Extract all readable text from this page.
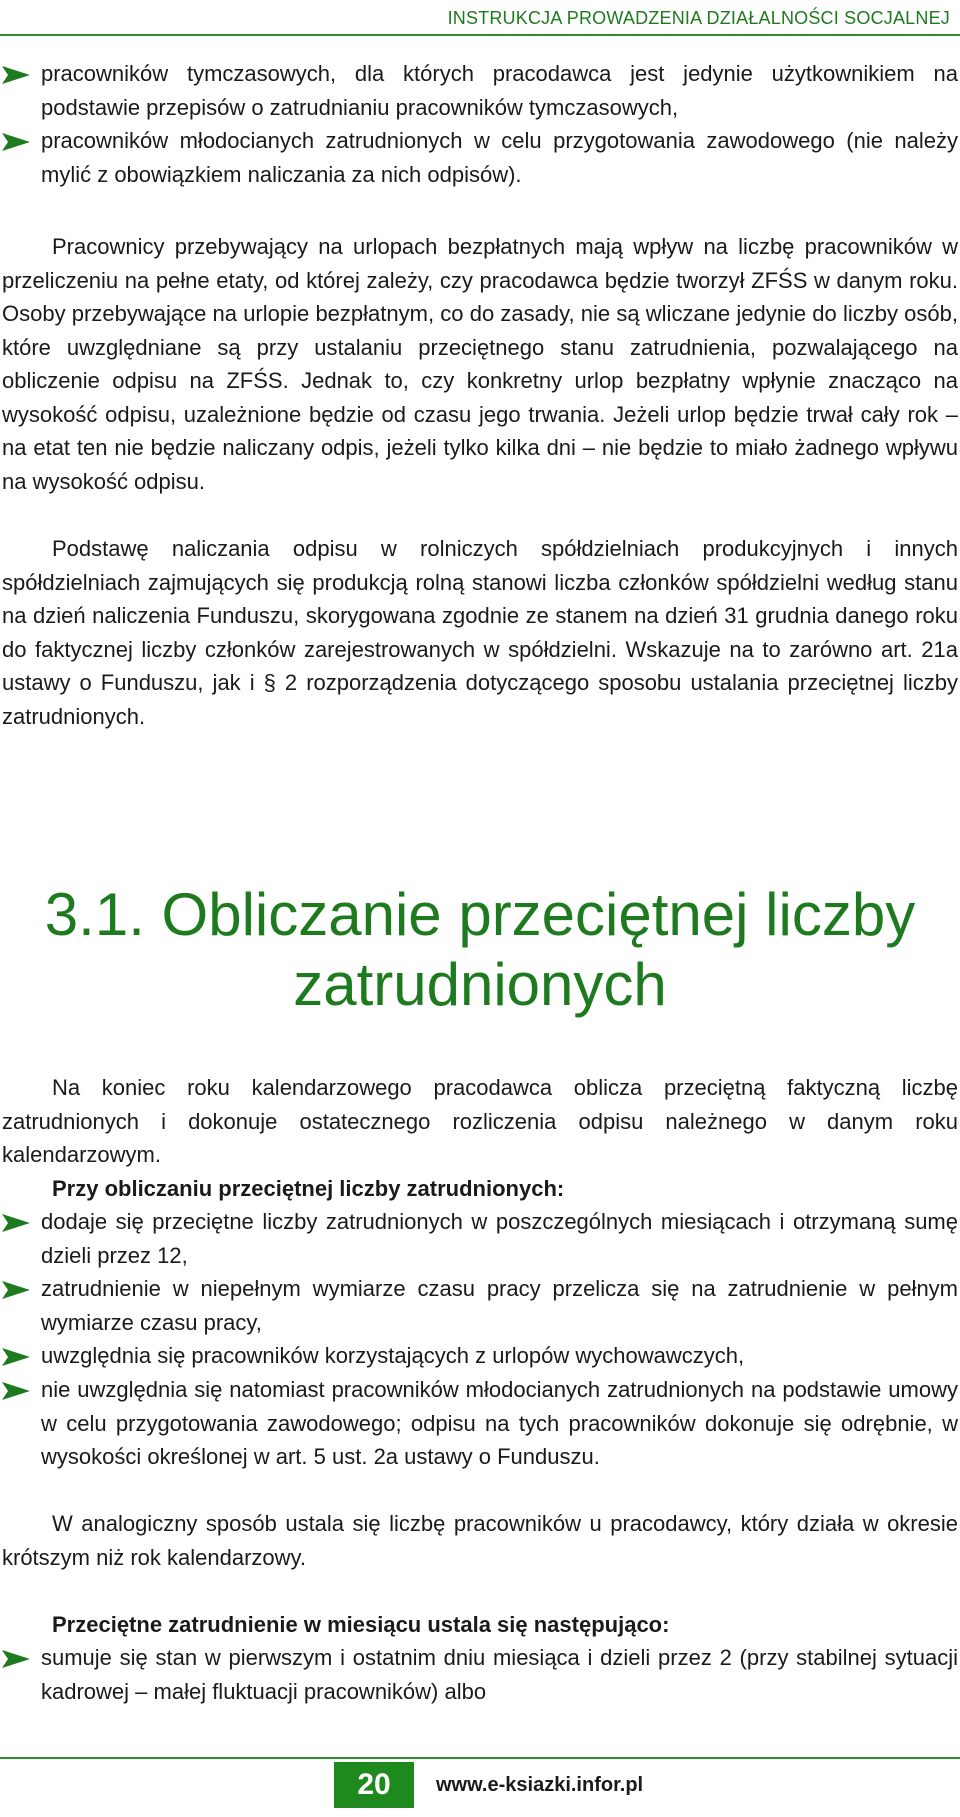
INSTRUKCJA PROWADZENIA DZIAŁALNOŚCI SOCJALNEJ
pracowników tymczasowych, dla których pracodawca jest jedynie użytkownikiem na podstawie przepisów o zatrudnianiu pracowników tymczasowych,
pracowników młodocianych zatrudnionych w celu przygotowania zawodowego (nie należy mylić z obowiązkiem naliczania za nich odpisów).
Pracownicy przebywający na urlopach bezpłatnych mają wpływ na liczbę pracowników w przeliczeniu na pełne etaty, od której zależy, czy pracodawca będzie tworzył ZFŚS w danym roku. Osoby przebywające na urlopie bezpłatnym, co do zasady, nie są wliczane jedynie do liczby osób, które uwzględniane są przy ustalaniu przeciętnego stanu zatrudnienia, pozwalającego na obliczenie odpisu na ZFŚS. Jednak to, czy konkretny urlop bezpłatny wpłynie znacząco na wysokość odpisu, uzależnione będzie od czasu jego trwania. Jeżeli urlop będzie trwał cały rok – na etat ten nie będzie naliczany odpis, jeżeli tylko kilka dni – nie będzie to miało żadnego wpływu na wysokość odpisu.
Podstawę naliczania odpisu w rolniczych spółdzielniach produkcyjnych i innych spółdzielniach zajmujących się produkcją rolną stanowi liczba członków spółdzielni według stanu na dzień naliczenia Funduszu, skorygowana zgodnie ze stanem na dzień 31 grudnia danego roku do faktycznej liczby członków zarejestrowanych w spółdzielni. Wskazuje na to zarówno art. 21a ustawy o Funduszu, jak i § 2 rozporządzenia dotyczącego sposobu ustalania przeciętnej liczby zatrudnionych.
3.1. Obliczanie przeciętnej liczby
zatrudnionych
Na koniec roku kalendarzowego pracodawca oblicza przeciętną faktyczną liczbę zatrudnionych i dokonuje ostatecznego rozliczenia odpisu należnego w danym roku kalendarzowym.
Przy obliczaniu przeciętnej liczby zatrudnionych:
dodaje się przeciętne liczby zatrudnionych w poszczególnych miesiącach i otrzymaną sumę dzieli przez 12,
zatrudnienie w niepełnym wymiarze czasu pracy przelicza się na zatrudnienie w pełnym wymiarze czasu pracy,
uwzględnia się pracowników korzystających z urlopów wychowawczych,
nie uwzględnia się natomiast pracowników młodocianych zatrudnionych na podstawie umowy w celu przygotowania zawodowego; odpisu na tych pracowników dokonuje się odrębnie, w wysokości określonej w art. 5 ust. 2a ustawy o Funduszu.
W analogiczny sposób ustala się liczbę pracowników u pracodawcy, który działa w okresie krótszym niż rok kalendarzowy.
Przeciętne zatrudnienie w miesiącu ustala się następująco:
sumuje się stan w pierwszym i ostatnim dniu miesiąca i dzieli przez 2 (przy stabilnej sytuacji kadrowej – małej fluktuacji pracowników) albo
20	www.e-ksiazki.infor.pl
